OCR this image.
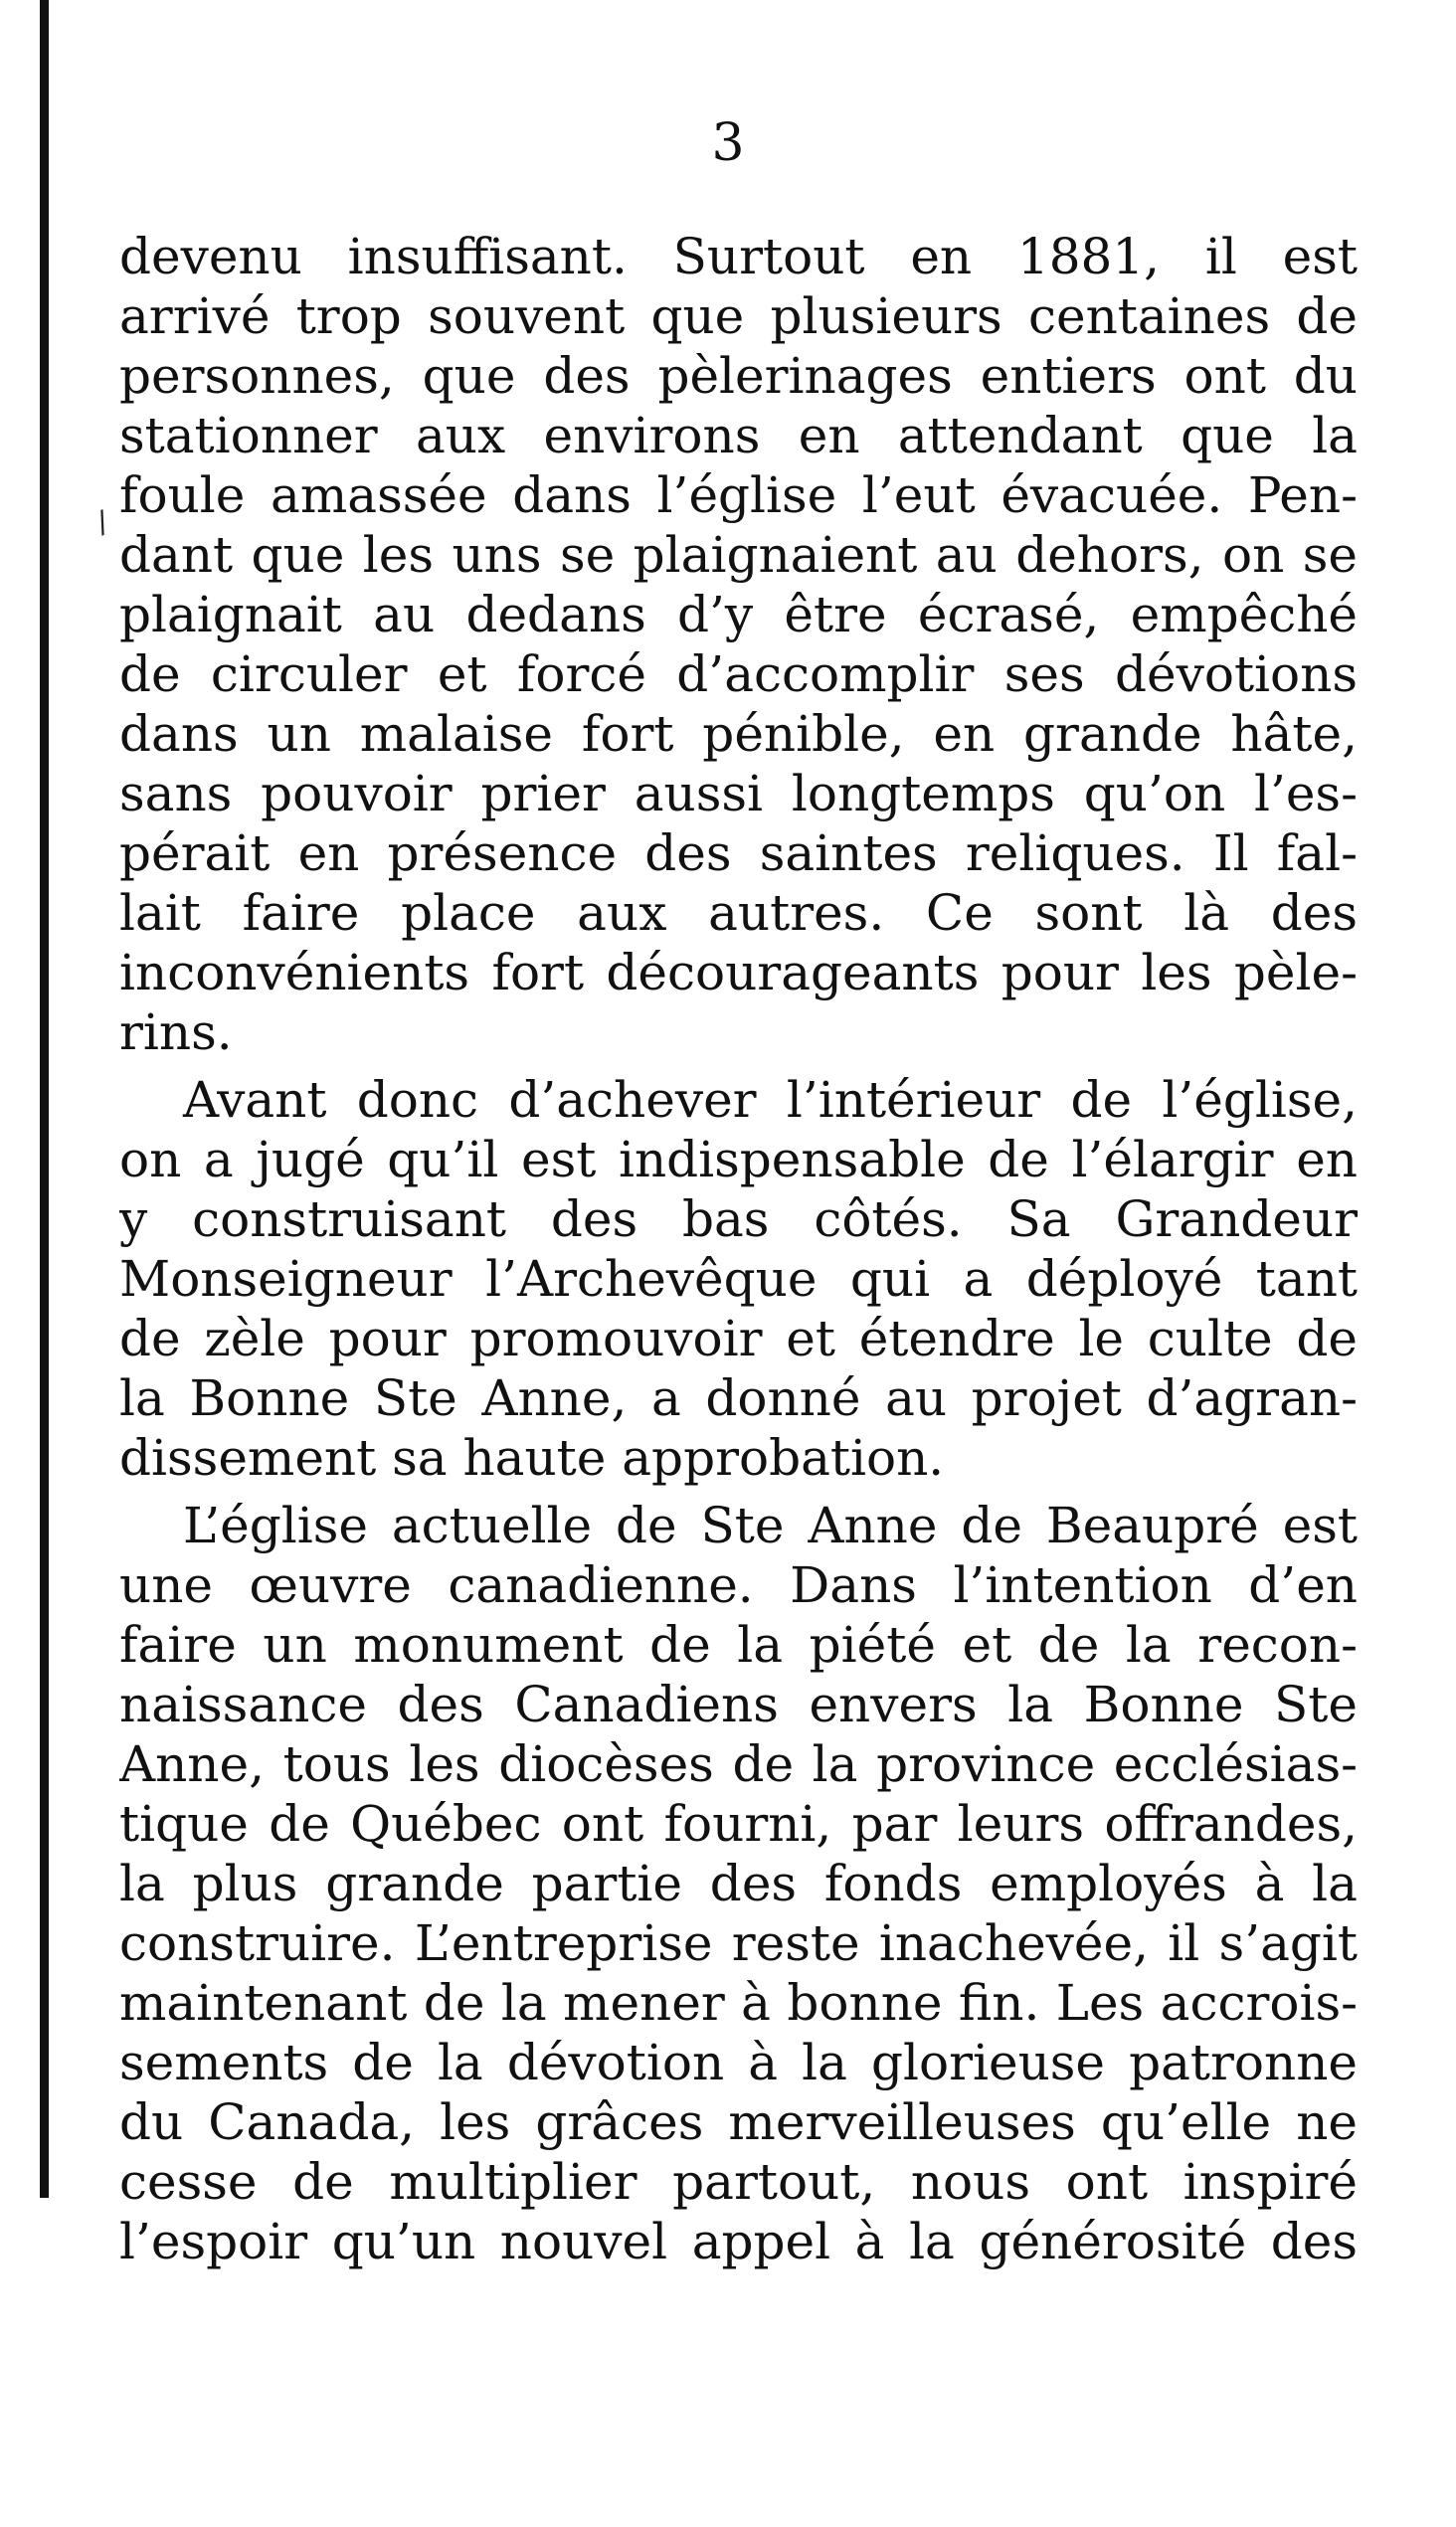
/
3
devenu insuffisant. Surtout en 1881, il est
arrivé trop souvent que plusieurs centaines de
personnes, que des pèlerinages entiers ont du
stationner aux environs en attendant que la
foule amassée dans l’église l’eut évacuée. Pen-
dant que les uns se plaignaient au dehors, on se
plaignait au dedans d’y être écrasé, empêché
de circuler et forcé d’accomplir ses dévotions
dans un malaise fort pénible, en grande hâte,
sans pouvoir prier aussi longtemps qu’on l’es-
pérait en présence des saintes reliques. Il fal-
lait faire place aux autres. Ce sont là des
inconvénients fort décourageants pour les pèle-
rins.
Avant donc d’achever l’intérieur de l’église,
on a jugé qu’il est indispensable de l’élargir en
y construisant des bas côtés. Sa Grandeur
Monseigneur l’Archevêque qui a déployé tant
de zèle pour promouvoir et étendre le culte de
la Bonne Ste Anne, a donné au projet d’agran-
dissement sa haute approbation.
L’église actuelle de Ste Anne de Beaupré est
une œuvre canadienne. Dans l’intention d’en
faire un monument de la piété et de la recon-
naissance des Canadiens envers la Bonne Ste
Anne, tous les diocèses de la province ecclésias-
tique de Québec ont fourni, par leurs offrandes,
la plus grande partie des fonds employés à la
construire. L’entreprise reste inachevée, il s’agit
maintenant de la mener à bonne fin. Les accrois-
sements de la dévotion à la glorieuse patronne
du Canada, les grâces merveilleuses qu’elle ne
cesse de multiplier partout, nous ont inspiré
l’espoir qu’un nouvel appel à la générosité des
